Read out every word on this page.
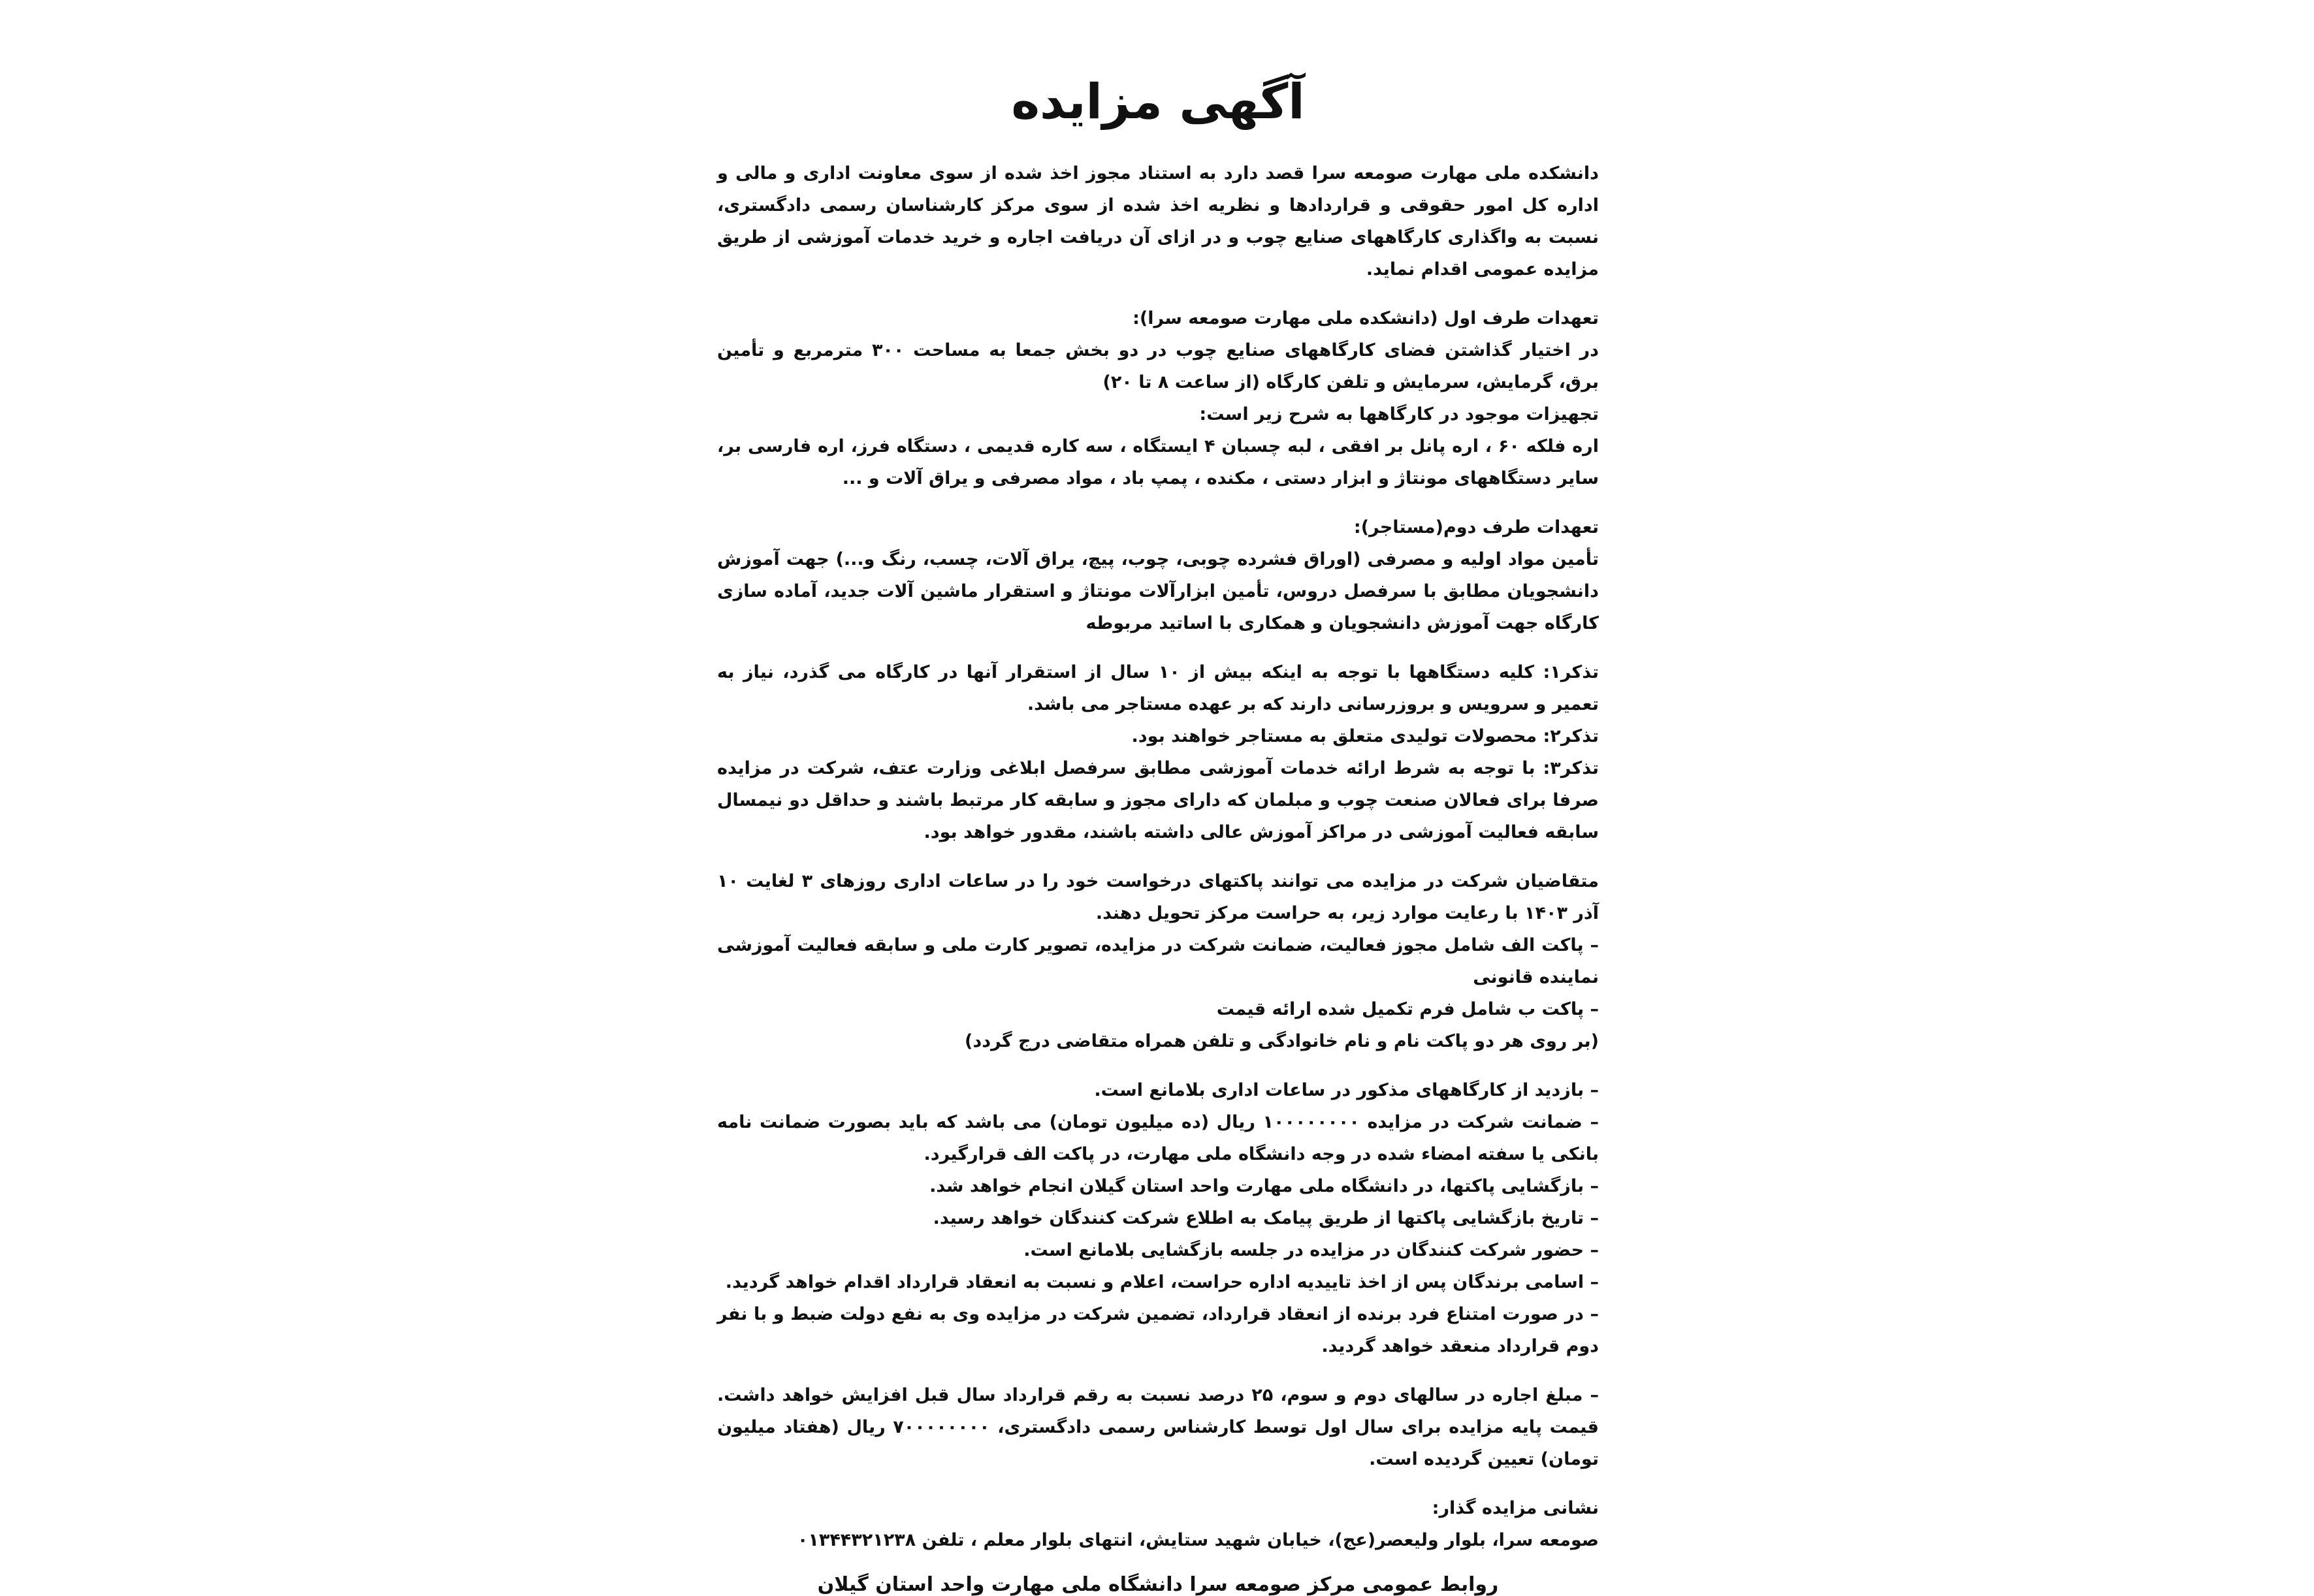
آگهی مزایده

دانشکده ملی مهارت صومعه سرا قصد دارد به استناد مجوز اخذ شده از سوی معاونت اداری و مالی و اداره کل امور حقوقی و قراردادها و نظریه اخذ شده از سوی مرکز کارشناسان رسمی دادگستری، نسبت به واگذاری کارگاههای صنایع چوب و در ازای آن دریافت اجاره و خرید خدمات آموزشی از طریق مزایده عمومی اقدام نماید.

تعهدات طرف اول (دانشکده ملی مهارت صومعه سرا):
در اختیار گذاشتن فضای کارگاههای صنایع چوب در دو بخش جمعا به مساحت ۳۰۰ مترمربع و تأمین برق، گرمایش، سرمایش و تلفن کارگاه (از ساعت ۸ تا ۲۰)
تجهیزات موجود در کارگاهها به شرح زیر است:
اره فلکه ۶۰ ، اره پانل بر افقی ، لبه چسبان ۴ ایستگاه ، سه کاره قدیمی ، دستگاه فرز، اره فارسی بر، سایر دستگاههای مونتاژ و ابزار دستی ، مکنده ، پمپ باد ، مواد مصرفی و یراق آلات و ...
تعهدات طرف دوم(مستاجر):
تأمین مواد اولیه و مصرفی (اوراق فشرده چوبی، چوب، پیچ، یراق آلات، چسب، رنگ و...) جهت آموزش دانشجویان مطابق با سرفصل دروس، تأمین ابزارآلات مونتاژ و استقرار ماشین آلات جدید، آماده سازی کارگاه جهت آموزش دانشجویان و همکاری با اساتید مربوطه
تذکر۱: کلیه دستگاهها با توجه به اینکه بیش از ۱۰ سال از استقرار آنها در کارگاه می گذرد، نیاز به تعمیر و سرویس و بروزرسانی دارند که بر عهده مستاجر می باشد.
تذکر۲: محصولات تولیدی متعلق به مستاجر خواهند بود.
تذکر۳: با توجه به شرط ارائه خدمات آموزشی مطابق سرفصل ابلاغی وزارت عتف، شرکت در مزایده صرفا برای فعالان صنعت چوب و مبلمان که دارای مجوز و سابقه کار مرتبط باشند و حداقل دو نیمسال سابقه فعالیت آموزشی در مراکز آموزش عالی داشته باشند، مقدور خواهد بود.
متقاضیان شرکت در مزایده می توانند پاکتهای درخواست خود را در ساعات اداری روزهای ۳ لغایت ۱۰ آذر ۱۴۰۳ با رعایت موارد زیر، به حراست مرکز تحویل دهند.
– پاکت الف شامل مجوز فعالیت، ضمانت شرکت در مزایده، تصویر کارت ملی و سابقه فعالیت آموزشی نماینده قانونی
– پاکت ب شامل فرم تکمیل شده ارائه قیمت
(بر روی هر دو پاکت نام و نام خانوادگی و تلفن همراه متقاضی درج گردد)
– بازدید از کارگاههای مذکور در ساعات اداری بلامانع است.
– ضمانت شرکت در مزایده ۱۰۰۰۰۰۰۰۰ ریال (ده میلیون تومان) می باشد که باید بصورت ضمانت نامه بانکی یا سفته امضاء شده در وجه دانشگاه ملی مهارت، در پاکت الف قرارگیرد.
– بازگشایی پاکتها، در دانشگاه ملی مهارت واحد استان گیلان انجام خواهد شد.
– تاریخ بازگشایی پاکتها از طریق پیامک به اطلاع شرکت کنندگان خواهد رسید.
– حضور شرکت کنندگان در مزایده در جلسه بازگشایی بلامانع است.
– اسامی برندگان پس از اخذ تاییدیه اداره حراست، اعلام و نسبت به انعقاد قرارداد اقدام خواهد گردید.
– در صورت امتناع فرد برنده از انعقاد قرارداد، تضمین شرکت در مزایده وی به نفع دولت ضبط و با نفر دوم قرارداد منعقد خواهد گردید.
– مبلغ اجاره در سالهای دوم و سوم، ۲۵ درصد نسبت به رقم قرارداد سال قبل افزایش خواهد داشت. قیمت پایه مزایده برای سال اول توسط کارشناس رسمی دادگستری، ۷۰۰۰۰۰۰۰۰ ریال (هفتاد میلیون تومان) تعیین گردیده است.
نشانی مزایده گذار:
صومعه سرا، بلوار ولیعصر(عج)، خیابان شهید ستایش، انتهای بلوار معلم ، تلفن ۰۱۳۴۴۳۲۱۲۳۸
روابط عمومی مرکز صومعه سرا دانشگاه ملی مهارت واحد استان گیلان
